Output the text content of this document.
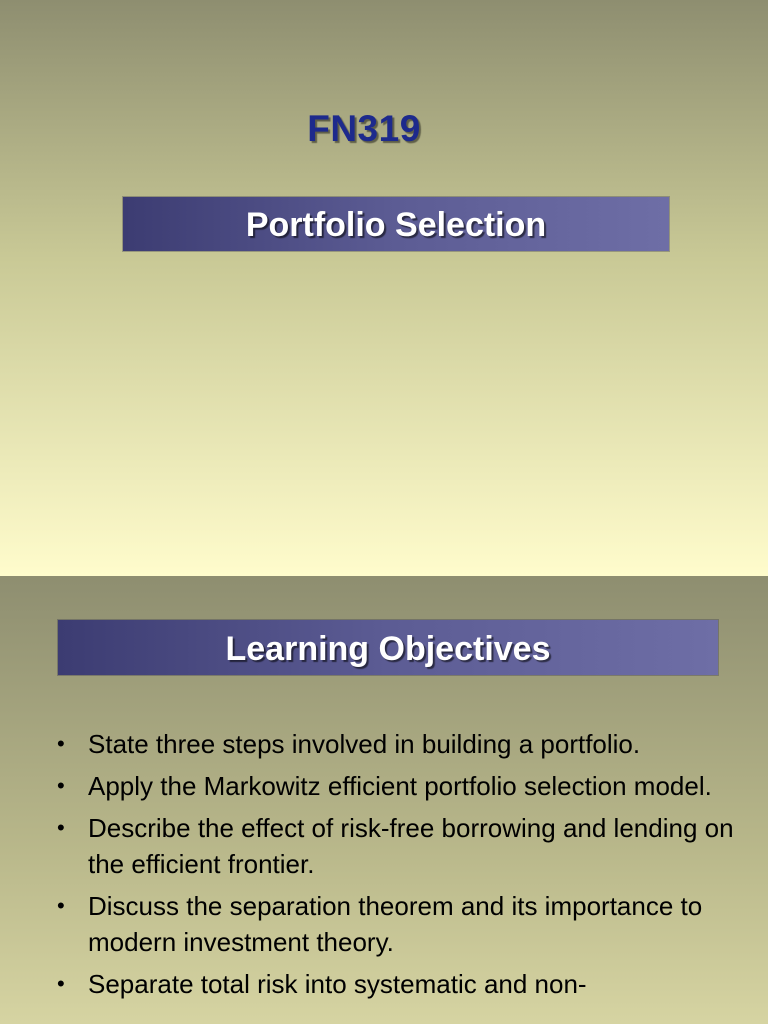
FN319
Portfolio Selection
Learning Objectives
• State three steps involved in building a portfolio.
• Apply the Markowitz efficient portfolio selection model.
• Describe the effect of risk-free borrowing and lending on the efficient frontier.
• Discuss the separation theorem and its importance to modern investment theory.
• Separate total risk into systematic and non-
